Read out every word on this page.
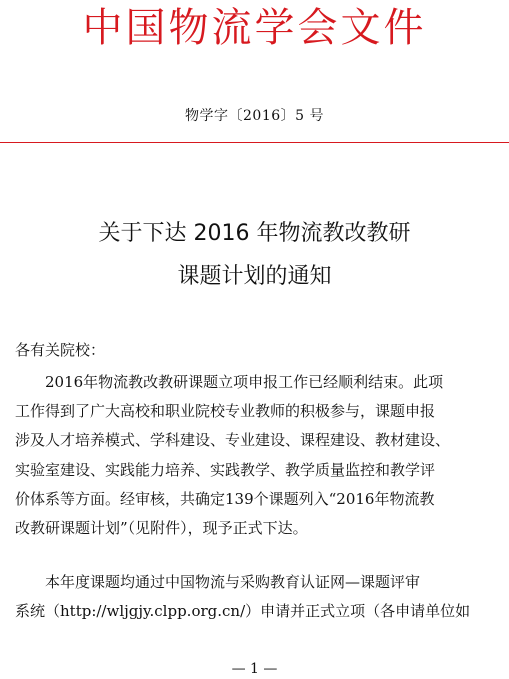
中国物流学会文件
物学字〔2016〕5 号
关于下达 2016 年物流教改教研
课题计划的通知
各有关院校：
　　2016年物流教改教研课题立项申报工作已经顺利结束。此项
工作得到了广大高校和职业院校专业教师的积极参与，课题申报
涉及人才培养模式、学科建设、专业建设、课程建设、教材建设、
实验室建设、实践能力培养、实践教学、教学质量监控和教学评
价体系等方面。经审核，共确定139个课题列入“2016年物流教
改教研课题计划”（见附件），现予正式下达。
　　本年度课题均通过中国物流与采购教育认证网—课题评审
系统（http://wljgjy.clpp.org.cn/）申请并正式立项（各申请单位如
— 1 —
